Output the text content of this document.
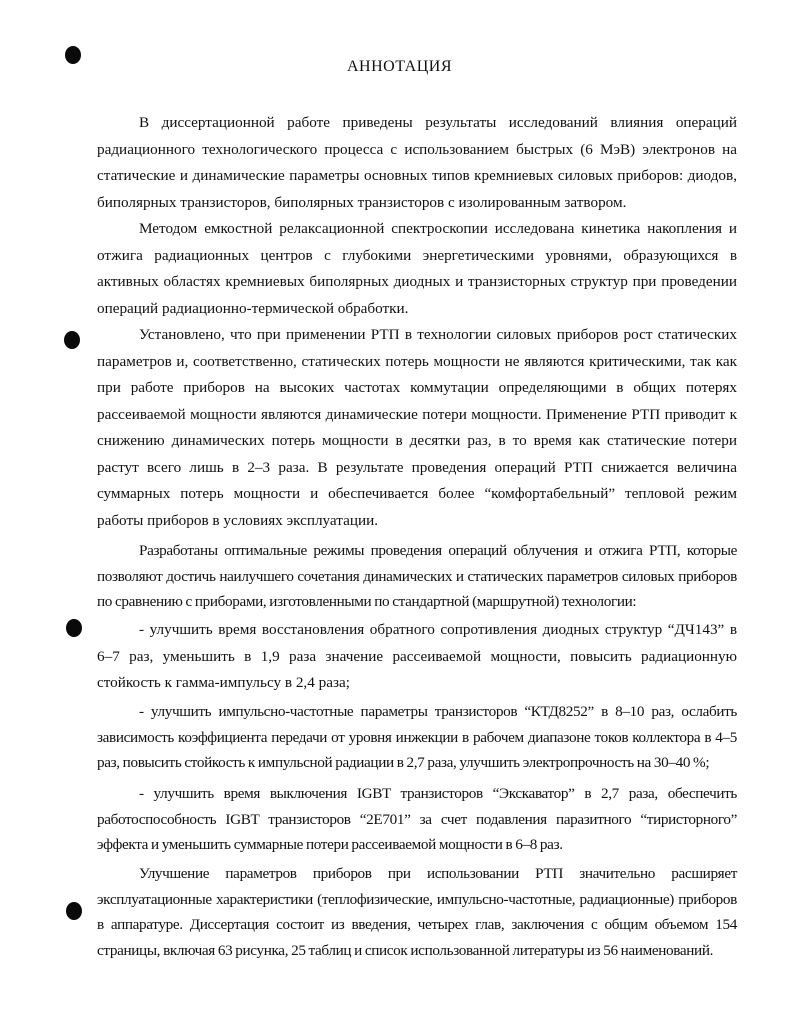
АННОТАЦИЯ

В диссертационной работе приведены результаты исследований влияния операций радиационного технологического процесса с использованием быстрых (6 МэВ) электронов на статические и динамические параметры основных типов кремниевых силовых приборов: диодов, биполярных транзисторов, биполярных транзисторов с изолированным затвором.

Методом емкостной релаксационной спектроскопии исследована кинетика накопления и отжига радиационных центров с глубокими энергетическими уровнями, образующихся в активных областях кремниевых биполярных диодных и транзисторных структур при проведении операций радиационно-термической обработки.

Установлено, что при применении РТП в технологии силовых приборов рост статических параметров и, соответственно, статических потерь мощности не являются критическими, так как при работе приборов на высоких частотах коммутации определяющими в общих потерях рассеиваемой мощности являются динамические потери мощности. Применение РТП приводит к снижению динамических потерь мощности в десятки раз, в то время как статические потери растут всего лишь в 2–3 раза. В результате проведения операций РТП снижается величина суммарных потерь мощности и обеспечивается более “комфортабельный” тепловой режим работы приборов в условиях эксплуатации.

Разработаны оптимальные режимы проведения операций облучения и отжига РТП, которые позволяют достичь наилучшего сочетания динамических и статических параметров силовых приборов по сравнению с приборами, изготовленными по стандартной (маршрутной) технологии:

- улучшить время восстановления обратного сопротивления диодных структур “ДЧ143” в 6–7 раз, уменьшить в 1,9 раза значение рассеиваемой мощности, повысить радиационную стойкость к гамма-импульсу в 2,4 раза;

- улучшить импульсно-частотные параметры транзисторов “КТД8252” в 8–10 раз, ослабить зависимость коэффициента передачи от уровня инжекции в рабочем диапазоне токов коллектора в 4–5 раз, повысить стойкость к импульсной радиации в 2,7 раза, улучшить электропрочность на 30–40 %;

- улучшить время выключения IGBT транзисторов “Экскаватор” в 2,7 раза, обеспечить работоспособность IGBT транзисторов “2Е701” за счет подавления паразитного “тиристорного” эффекта и уменьшить суммарные потери рассеиваемой мощности в 6–8 раз.

Улучшение параметров приборов при использовании РТП значительно расширяет эксплуатационные характеристики (теплофизические, импульсно-частотные, радиационные) приборов в аппаратуре. Диссертация состоит из введения, четырех глав, заключения с общим объемом 154 страницы, включая 63 рисунка, 25 таблиц и список использованной литературы из 56 наименований.
